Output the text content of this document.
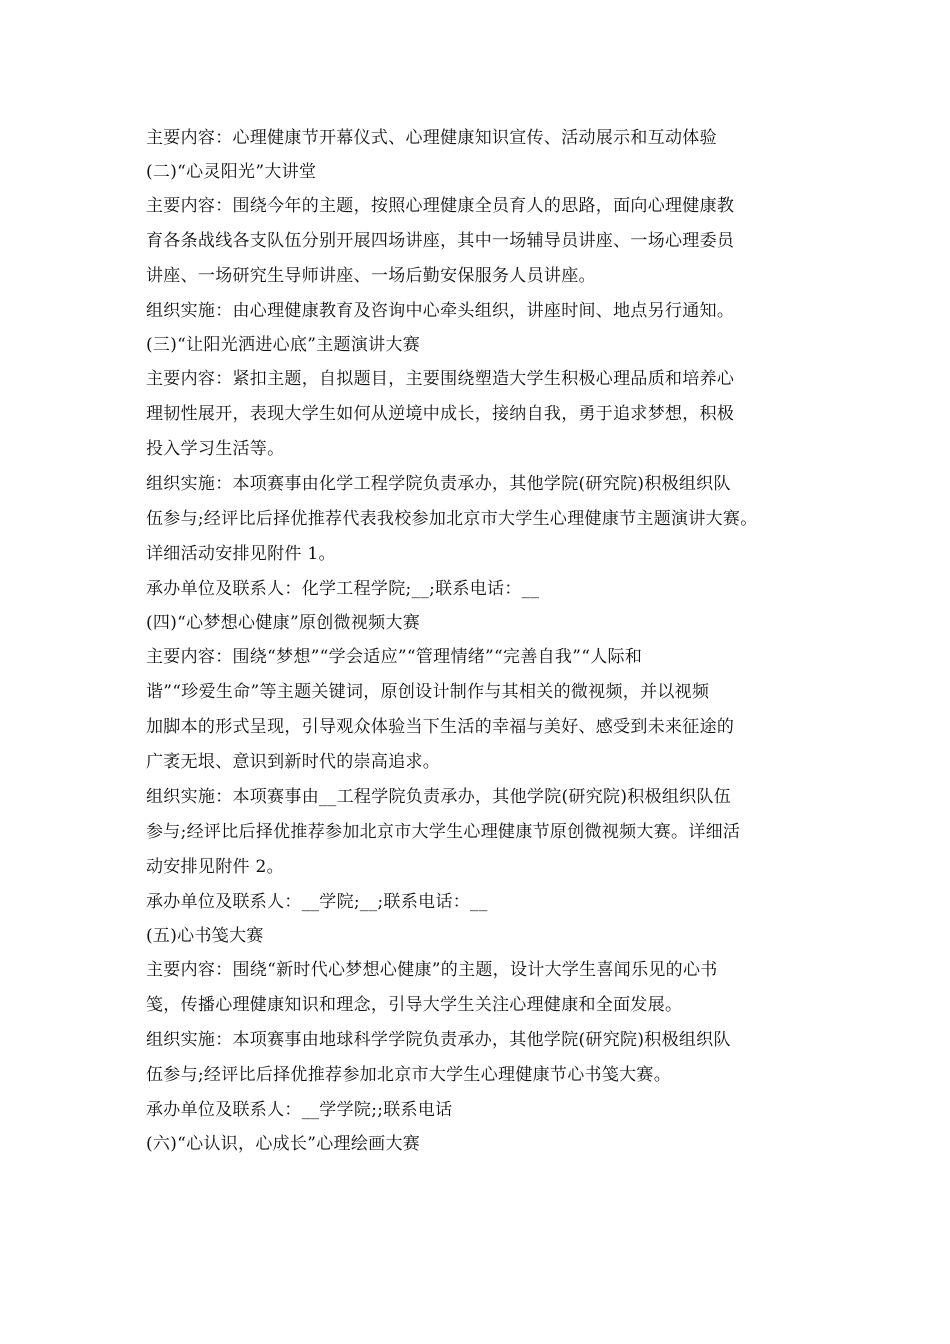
主要内容：心理健康节开幕仪式、心理健康知识宣传、活动展示和互动体验
(二)“心灵阳光”大讲堂
主要内容：围绕今年的主题，按照心理健康全员育人的思路，面向心理健康教
育各条战线各支队伍分别开展四场讲座，其中一场辅导员讲座、一场心理委员
讲座、一场研究生导师讲座、一场后勤安保服务人员讲座。
组织实施：由心理健康教育及咨询中心牵头组织，讲座时间、地点另行通知。
(三)“让阳光洒进心底”主题演讲大赛
主要内容：紧扣主题，自拟题目，主要围绕塑造大学生积极心理品质和培养心
理韧性展开，表现大学生如何从逆境中成长，接纳自我，勇于追求梦想，积极
投入学习生活等。
组织实施：本项赛事由化学工程学院负责承办，其他学院(研究院)积极组织队
伍参与;经评比后择优推荐代表我校参加北京市大学生心理健康节主题演讲大赛。
详细活动安排见附件 1。
承办单位及联系人：化学工程学院;__;联系电话：__
(四)“心梦想心健康”原创微视频大赛
主要内容：围绕“梦想”“学会适应”“管理情绪”“完善自我”“人际和
谐”“珍爱生命”等主题关键词，原创设计制作与其相关的微视频，并以视频
加脚本的形式呈现，引导观众体验当下生活的幸福与美好、感受到未来征途的
广袤无垠、意识到新时代的崇高追求。
组织实施：本项赛事由__工程学院负责承办，其他学院(研究院)积极组织队伍
参与;经评比后择优推荐参加北京市大学生心理健康节原创微视频大赛。详细活
动安排见附件 2。
承办单位及联系人：__学院;__;联系电话：__
(五)心书笺大赛
主要内容：围绕“新时代心梦想心健康”的主题，设计大学生喜闻乐见的心书
笺，传播心理健康知识和理念，引导大学生关注心理健康和全面发展。
组织实施：本项赛事由地球科学学院负责承办，其他学院(研究院)积极组织队
伍参与;经评比后择优推荐参加北京市大学生心理健康节心书笺大赛。
承办单位及联系人：__学学院;;联系电话
(六)“心认识，心成长”心理绘画大赛
